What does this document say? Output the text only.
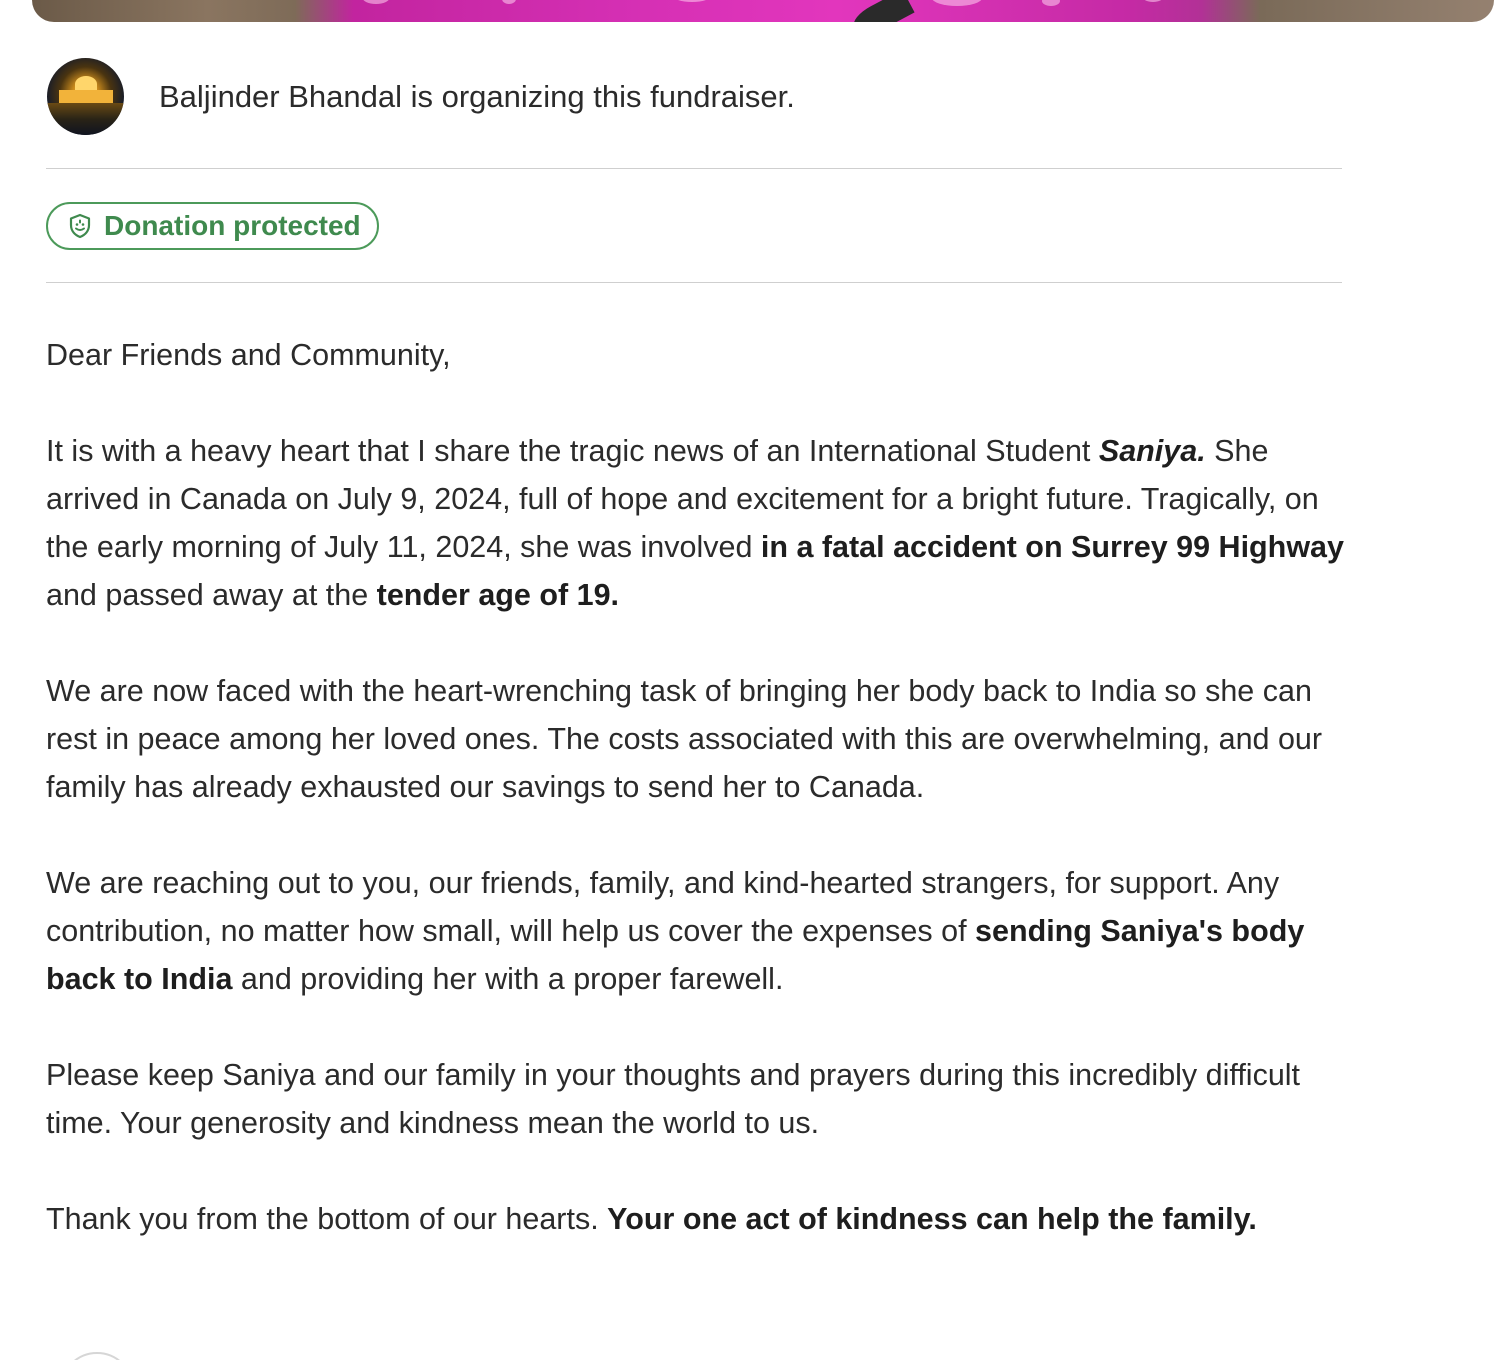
Baljinder Bhandal is organizing this fundraiser.
Donation protected

Dear Friends and Community,

It is with a heavy heart that I share the tragic news of an International Student Saniya. She arrived in Canada on July 9, 2024, full of hope and excitement for a bright future. Tragically, on the early morning of July 11, 2024, she was involved in a fatal accident on Surrey 99 Highway and passed away at the tender age of 19.

We are now faced with the heart-wrenching task of bringing her body back to India so she can rest in peace among her loved ones. The costs associated with this are overwhelming, and our family has already exhausted our savings to send her to Canada.

We are reaching out to you, our friends, family, and kind-hearted strangers, for support. Any contribution, no matter how small, will help us cover the expenses of sending Saniya's body back to India and providing her with a proper farewell.

Please keep Saniya and our family in your thoughts and prayers during this incredibly difficult time. Your generosity and kindness mean the world to us.

Thank you from the bottom of our hearts. Your one act of kindness can help the family.
